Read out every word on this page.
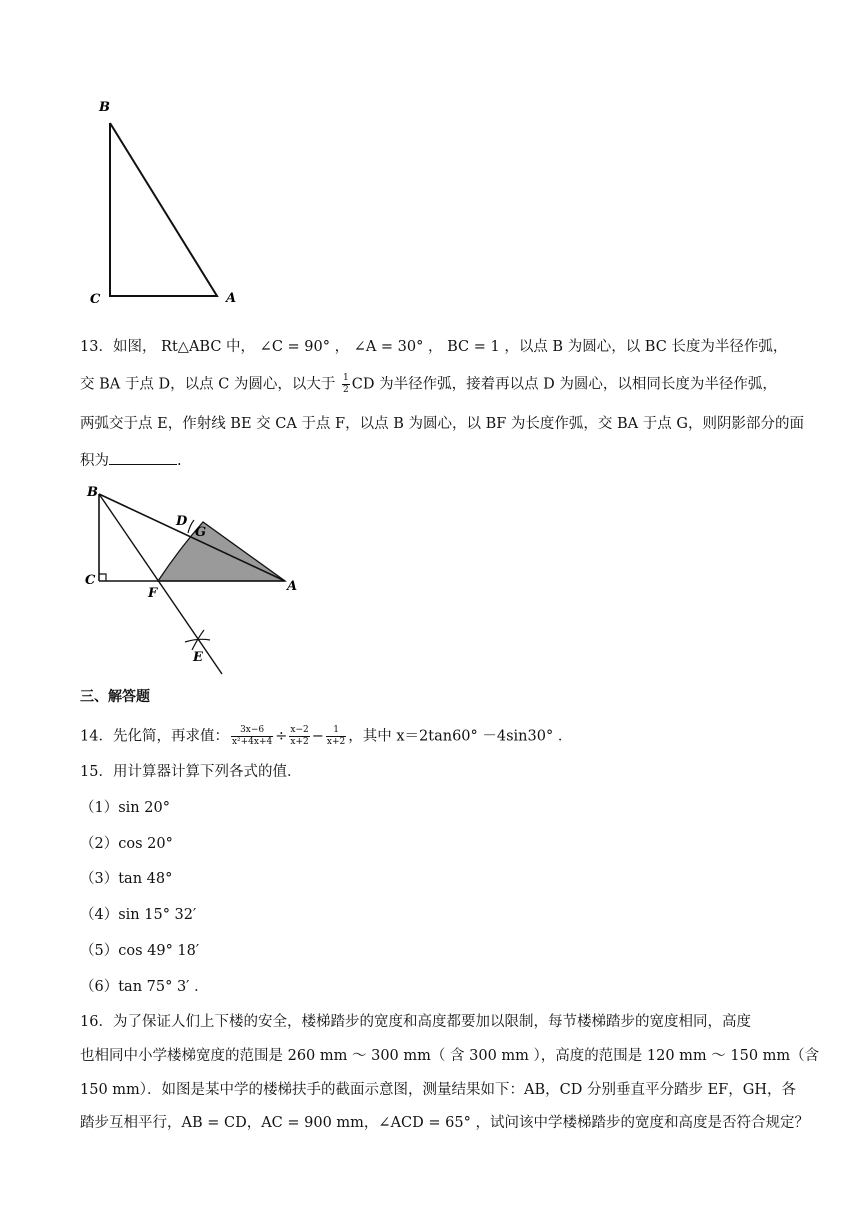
B
C	A
13．如图， Rt△ABC 中， ∠C = 90° ， ∠A = 30° ， BC = 1 ，以点 B 为圆心，以 BC 长度为半径作弧，
交 BA 于点 D，以点 C 为圆心，以大于 $\frac{1}{2}$ CD 为半径作弧，接着再以点 D 为圆心，以相同长度为半径作弧，
两弧交于点 E，作射线 BE 交 CA 于点 F，以点 B 为圆心，以 BF 为长度作弧，交 BA 于点 G，则阴影部分的面
积为	.
B
C
D
G
F	A
E
三、解答题
14．先化简，再求值： $\frac{3x-6}{\text{x²+4x+4}} \div \frac{x-2}{x+2} - \frac{1}{x+2}$ ，其中 x＝2tan60° －4sin30° ．
15．用计算器计算下列各式的值．
（1）sin 20°
（2）cos 20°
（3）tan 48°
（4）sin 15° 32′
（5）cos 49° 18′
（6）tan 75° 3′ ．
16．为了保证人们上下楼的安全，楼梯踏步的宽度和高度都要加以限制，每节楼梯踏步的宽度相同，高度
也相同中小学楼梯宽度的范围是 260 mm ～ 300 mm（ 含 300 mm ），高度的范围是 120 mm ～ 150 mm（含
150 mm）．如图是某中学的楼梯扶手的截面示意图，测量结果如下：AB，CD 分别垂直平分踏步 EF，GH，各
踏步互相平行，AB = CD，AC = 900 mm，∠ACD = 65° ，试问该中学楼梯踏步的宽度和高度是否符合规定？
